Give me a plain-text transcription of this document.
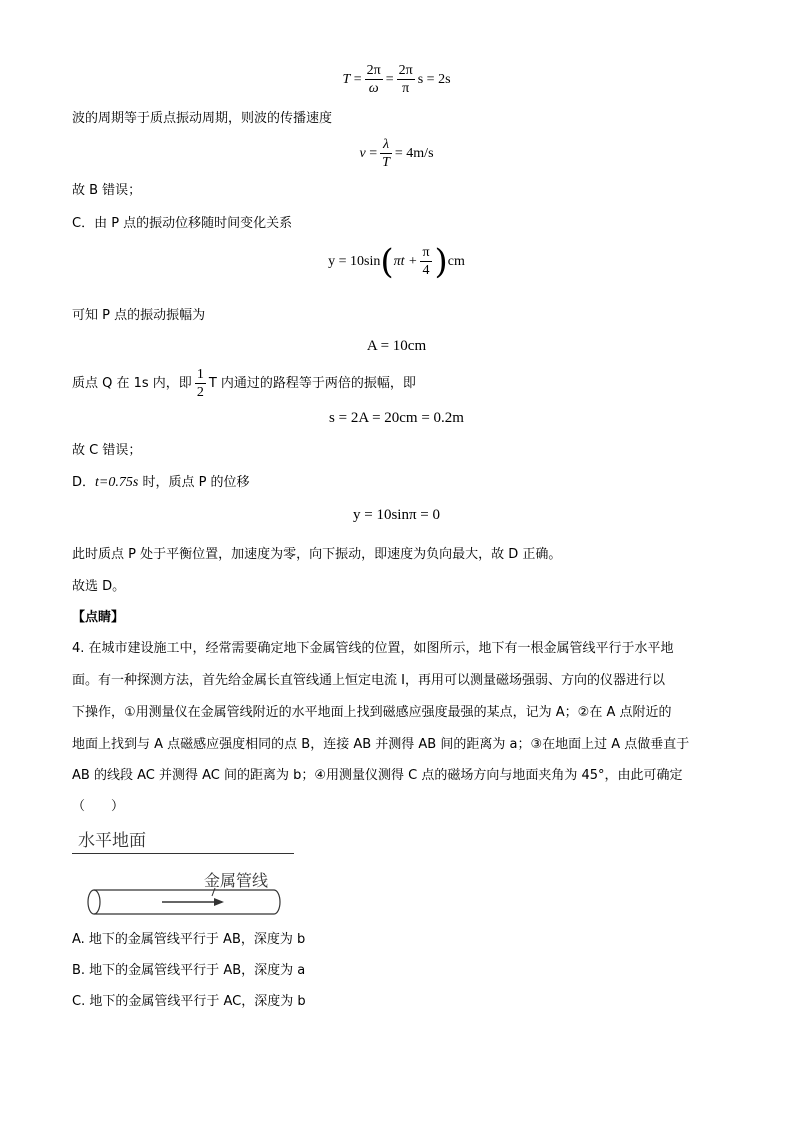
$T = \frac{2\pi}{\omega} = \frac{2\pi}{\pi}$ s = 2s
波的周期等于质点振动周期，则波的传播速度
$v = \frac{\lambda}{T} = 4m/s$
故 B 错误；
C．由 P 点的振动位移随时间变化关系
y = 10sin ( $\pi t + \frac{\pi}{4}$ ) cm
可知 P 点的振动振幅为
A = 10cm
质点 Q 在 1s 内，即 $\frac{1}{2}$ T 内通过的路程等于两倍的振幅，即
s = 2A = 20cm = 0.2m
故 C 错误；
D．t=0.75s 时，质点 P 的位移
y = 10sinπ = 0
此时质点 P 处于平衡位置，加速度为零，向下振动，即速度为负向最大，故 D 正确。
故选 D。
【点睛】
4. 在城市建设施工中，经常需要确定地下金属管线的位置，如图所示，地下有一根金属管线平行于水平地
面。有一种探测方法，首先给金属长直管线通上恒定电流 I，再用可以测量磁场强弱、方向的仪器进行以
下操作，①用测量仪在金属管线附近的水平地面上找到磁感应强度最强的某点，记为 A；②在 A 点附近的
地面上找到与 A 点磁感应强度相同的点 B，连接 AB 并测得 AB 间的距离为 a；③在地面上过 A 点做垂直于
AB 的线段 AC 并测得 AC 间的距离为 b；④用测量仪测得 C 点的磁场方向与地面夹角为 45°，由此可确定
（　　）
水平地面
金属管线
A. 地下的金属管线平行于 AB，深度为 b
B. 地下的金属管线平行于 AB，深度为 a
C. 地下的金属管线平行于 AC，深度为 b
